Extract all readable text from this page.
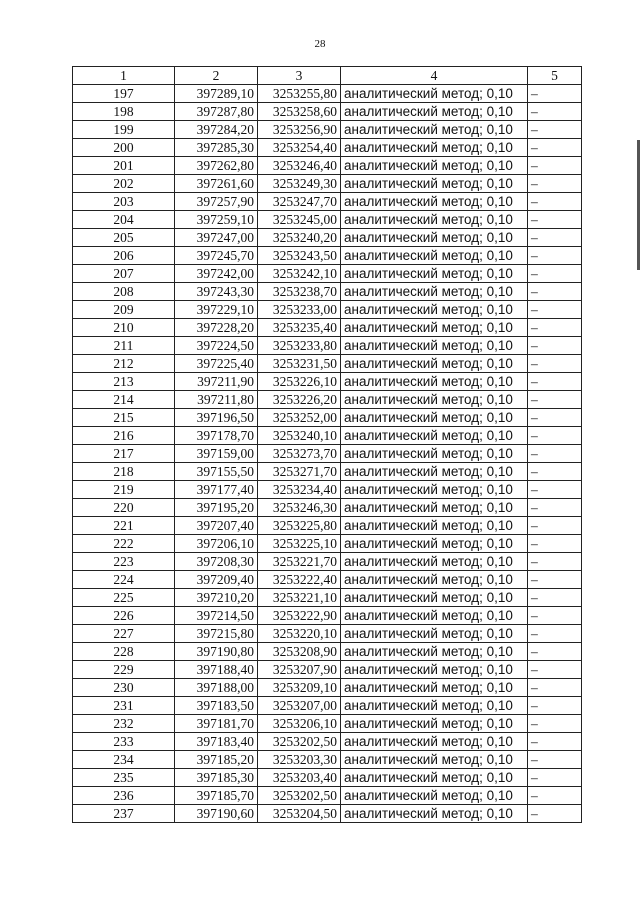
28
1	2	3	4	5
197	397289,10	3253255,80	аналитический метод; 0,10	–
198	397287,80	3253258,60	аналитический метод; 0,10	–
199	397284,20	3253256,90	аналитический метод; 0,10	–
200	397285,30	3253254,40	аналитический метод; 0,10	–
201	397262,80	3253246,40	аналитический метод; 0,10	–
202	397261,60	3253249,30	аналитический метод; 0,10	–
203	397257,90	3253247,70	аналитический метод; 0,10	–
204	397259,10	3253245,00	аналитический метод; 0,10	–
205	397247,00	3253240,20	аналитический метод; 0,10	–
206	397245,70	3253243,50	аналитический метод; 0,10	–
207	397242,00	3253242,10	аналитический метод; 0,10	–
208	397243,30	3253238,70	аналитический метод; 0,10	–
209	397229,10	3253233,00	аналитический метод; 0,10	–
210	397228,20	3253235,40	аналитический метод; 0,10	–
211	397224,50	3253233,80	аналитический метод; 0,10	–
212	397225,40	3253231,50	аналитический метод; 0,10	–
213	397211,90	3253226,10	аналитический метод; 0,10	–
214	397211,80	3253226,20	аналитический метод; 0,10	–
215	397196,50	3253252,00	аналитический метод; 0,10	–
216	397178,70	3253240,10	аналитический метод; 0,10	–
217	397159,00	3253273,70	аналитический метод; 0,10	–
218	397155,50	3253271,70	аналитический метод; 0,10	–
219	397177,40	3253234,40	аналитический метод; 0,10	–
220	397195,20	3253246,30	аналитический метод; 0,10	–
221	397207,40	3253225,80	аналитический метод; 0,10	–
222	397206,10	3253225,10	аналитический метод; 0,10	–
223	397208,30	3253221,70	аналитический метод; 0,10	–
224	397209,40	3253222,40	аналитический метод; 0,10	–
225	397210,20	3253221,10	аналитический метод; 0,10	–
226	397214,50	3253222,90	аналитический метод; 0,10	–
227	397215,80	3253220,10	аналитический метод; 0,10	–
228	397190,80	3253208,90	аналитический метод; 0,10	–
229	397188,40	3253207,90	аналитический метод; 0,10	–
230	397188,00	3253209,10	аналитический метод; 0,10	–
231	397183,50	3253207,00	аналитический метод; 0,10	–
232	397181,70	3253206,10	аналитический метод; 0,10	–
233	397183,40	3253202,50	аналитический метод; 0,10	–
234	397185,20	3253203,30	аналитический метод; 0,10	–
235	397185,30	3253203,40	аналитический метод; 0,10	–
236	397185,70	3253202,50	аналитический метод; 0,10	–
237	397190,60	3253204,50	аналитический метод; 0,10	–
